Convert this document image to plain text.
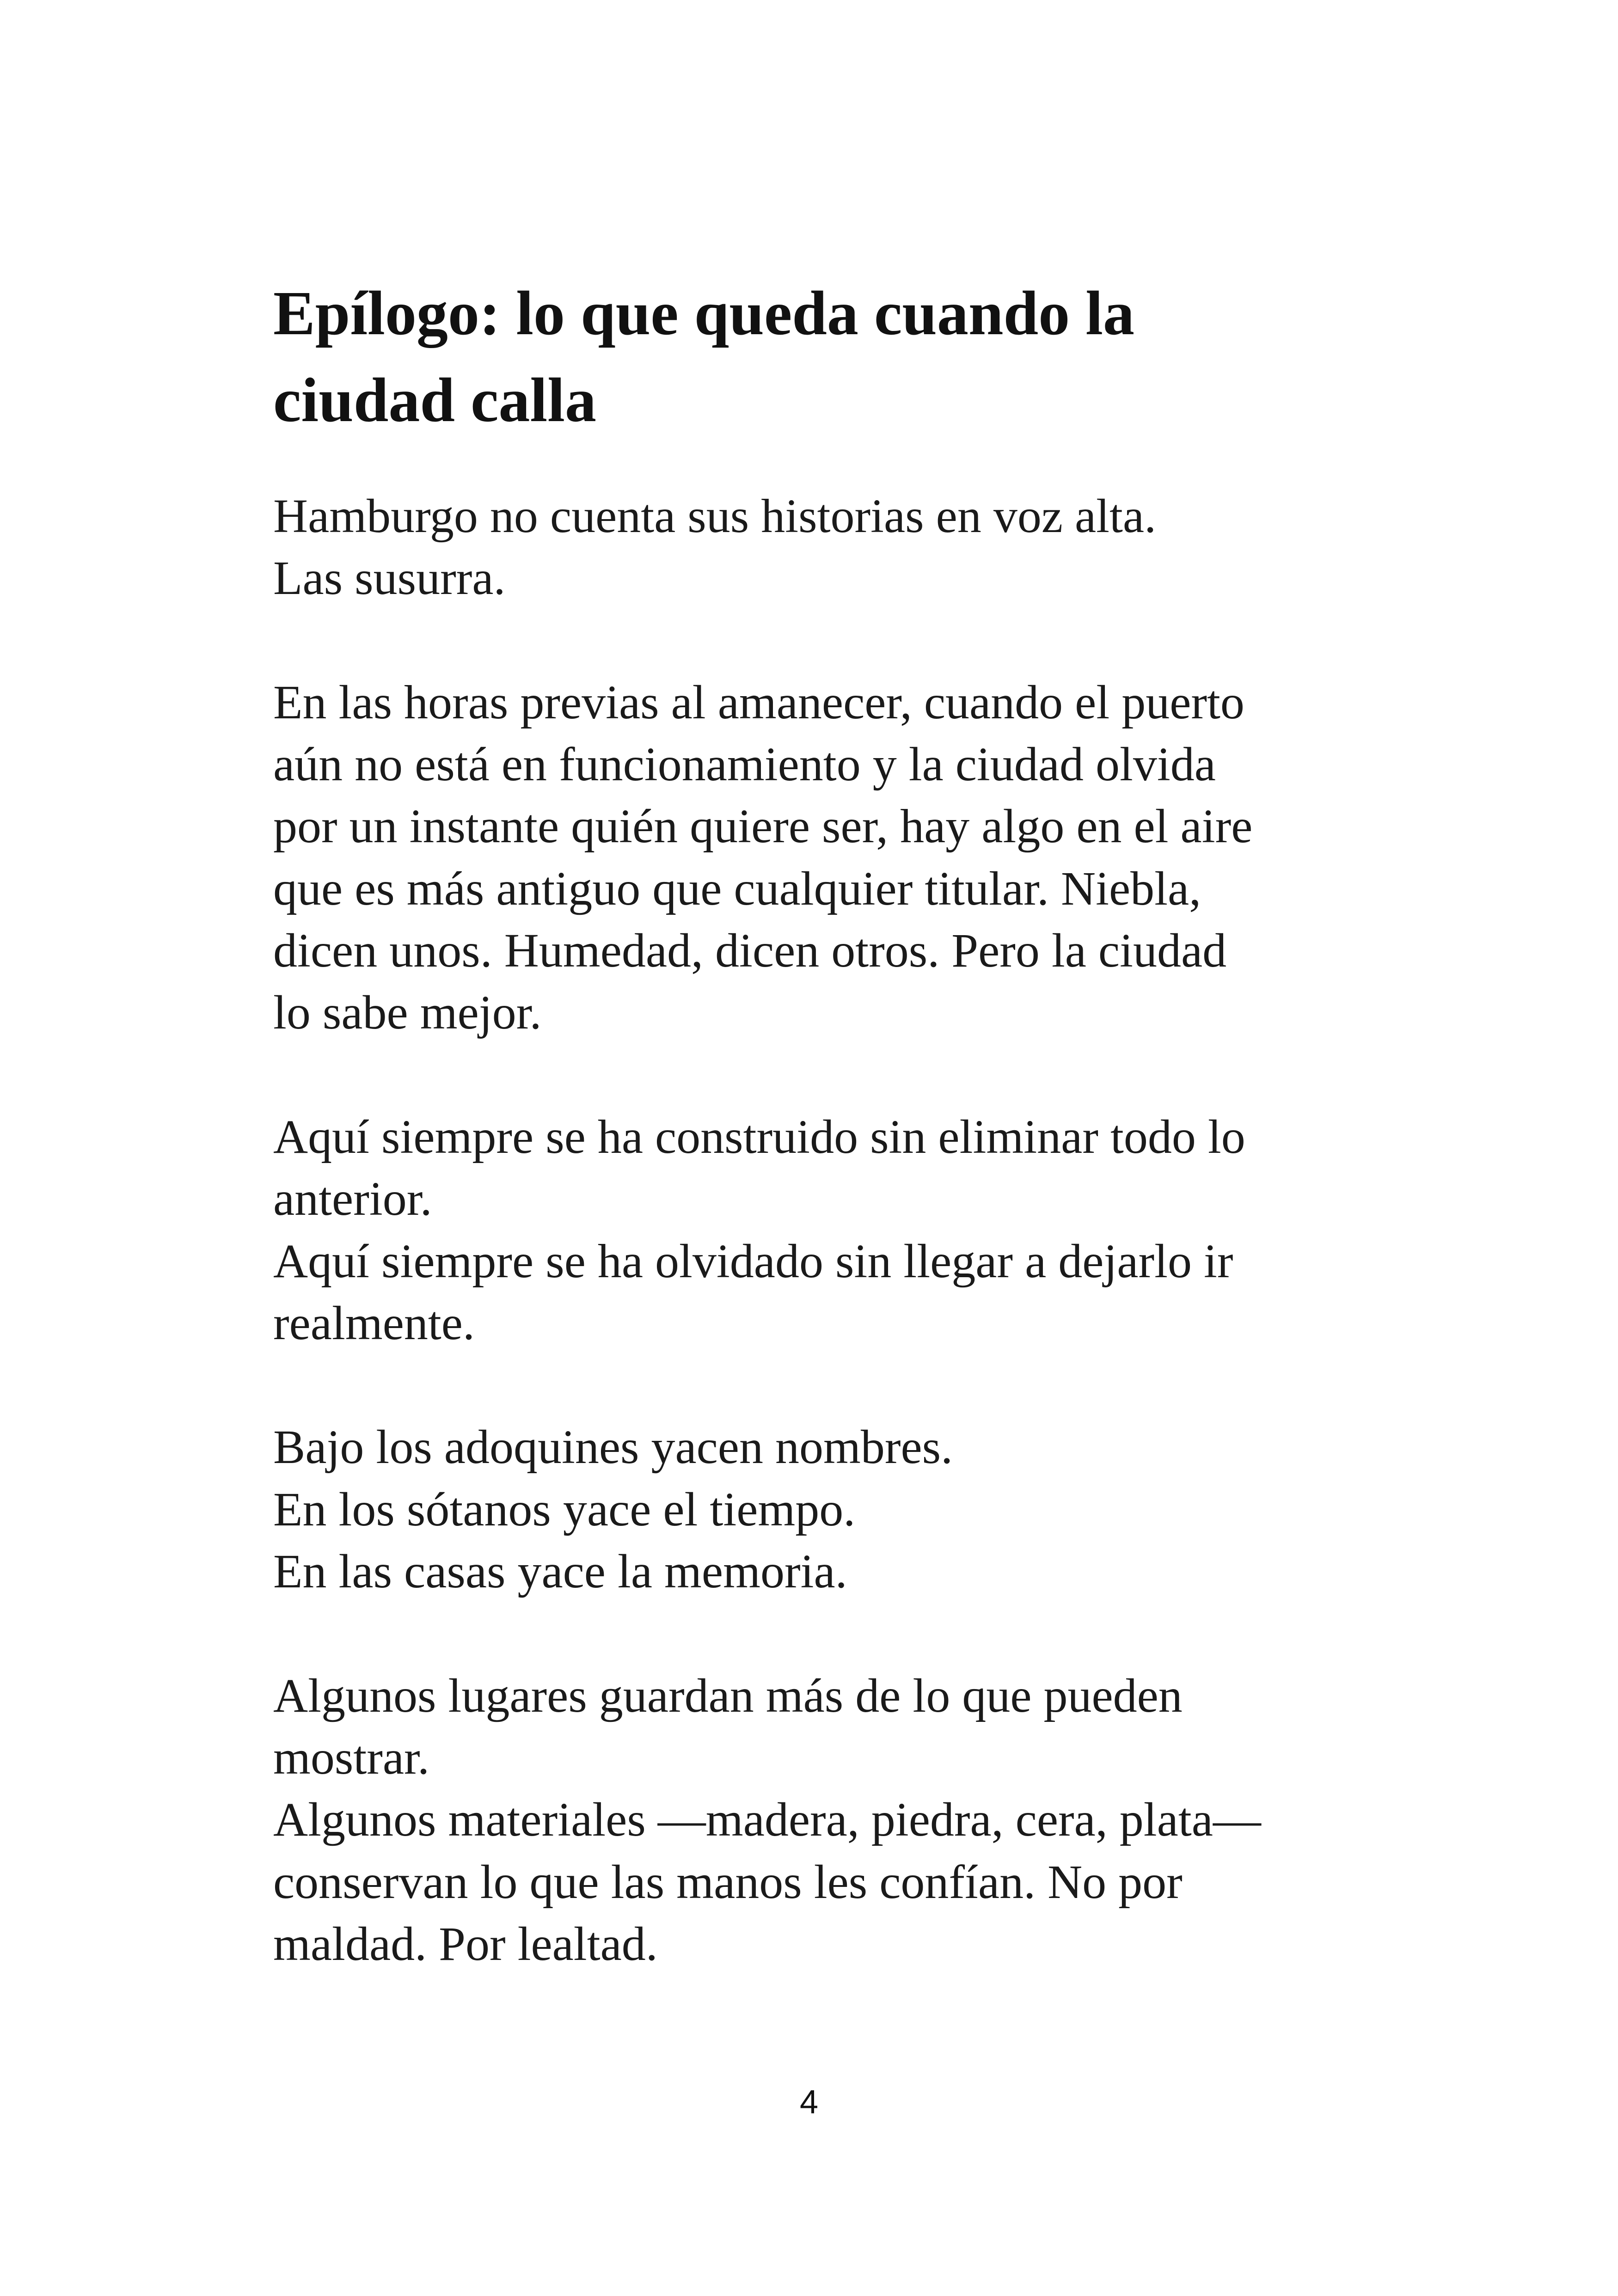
Epílogo: lo que queda cuando la
ciudad calla

Hamburgo no cuenta sus historias en voz alta.
Las susurra.

En las horas previas al amanecer, cuando el puerto
aún no está en funcionamiento y la ciudad olvida
por un instante quién quiere ser, hay algo en el aire
que es más antiguo que cualquier titular. Niebla,
dicen unos. Humedad, dicen otros. Pero la ciudad
lo sabe mejor.

Aquí siempre se ha construido sin eliminar todo lo
anterior.
Aquí siempre se ha olvidado sin llegar a dejarlo ir
realmente.

Bajo los adoquines yacen nombres.
En los sótanos yace el tiempo.
En las casas yace la memoria.

Algunos lugares guardan más de lo que pueden
mostrar.
Algunos materiales —madera, piedra, cera, plata—
conservan lo que las manos les confían. No por
maldad. Por lealtad.

4
